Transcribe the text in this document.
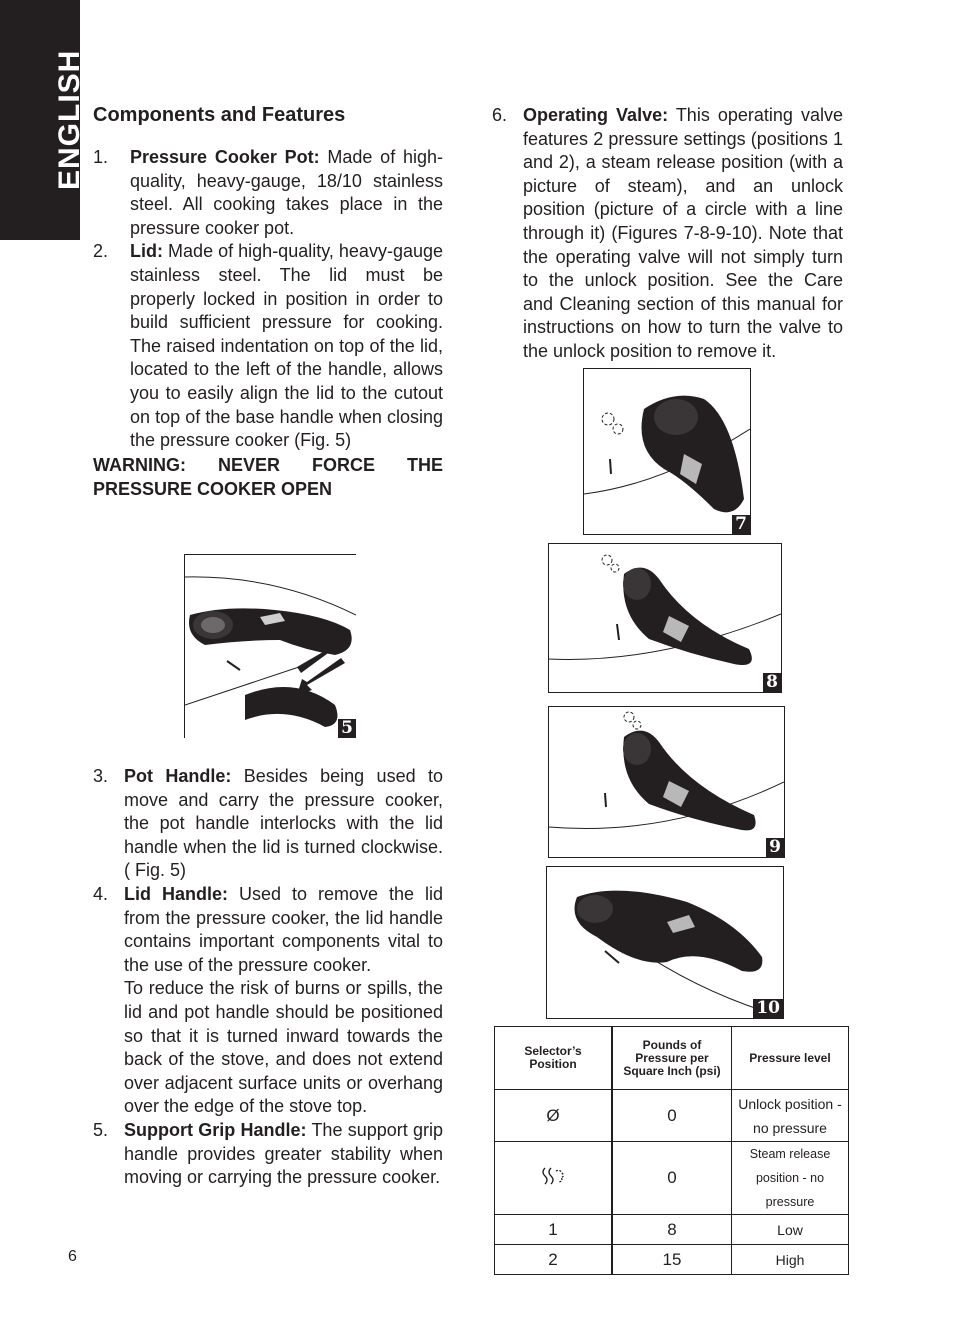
ENGLISH Components and Features
1. Pressure Cooker Pot: Made of high-quality, heavy-gauge, 18/10 stainless steel. All cooking takes place in the pressure cooker pot.
2. Lid: Made of high-quality, heavy-gauge stainless steel. The lid must be properly locked in position in order to build sufficient pressure for cooking. The raised indentation on top of the lid, located to the left of the handle, allows you to easily align the lid to the cutout on top of the base handle when closing the pressure cooker (Fig. 5)
WARNING: NEVER FORCE THE PRESSURE COOKER OPEN
5
3. Pot Handle: Besides being used to move and carry the pressure cooker, the pot handle interlocks with the lid handle when the lid is turned clockwise. ( Fig. 5)
4. Lid Handle: Used to remove the lid from the pressure cooker, the lid handle contains important components vital to the use of the pressure cooker.
To reduce the risk of burns or spills, the lid and pot handle should be positioned so that it is turned inward towards the back of the stove, and does not extend over adjacent surface units or overhang over the edge of the stove top.
5. Support Grip Handle: The support grip handle provides greater stability when moving or carrying the pressure cooker.
6. Operating Valve: This operating valve features 2 pressure settings (positions 1 and 2), a steam release position (with a picture of steam), and an unlock position (picture of a circle with a line through it) (Figures 7-8-9-10). Note that the operating valve will not simply turn to the unlock position. See the Care and Cleaning section of this manual for instructions on how to turn the valve to the unlock position to remove it.
7
8
9
10
Selector’s Position	Pounds of Pressure per Square Inch (psi)	Pressure level
Ø	0	Unlock position - no pressure
	0	Steam release position - no pressure
1	8	Low
2	15	High
6
